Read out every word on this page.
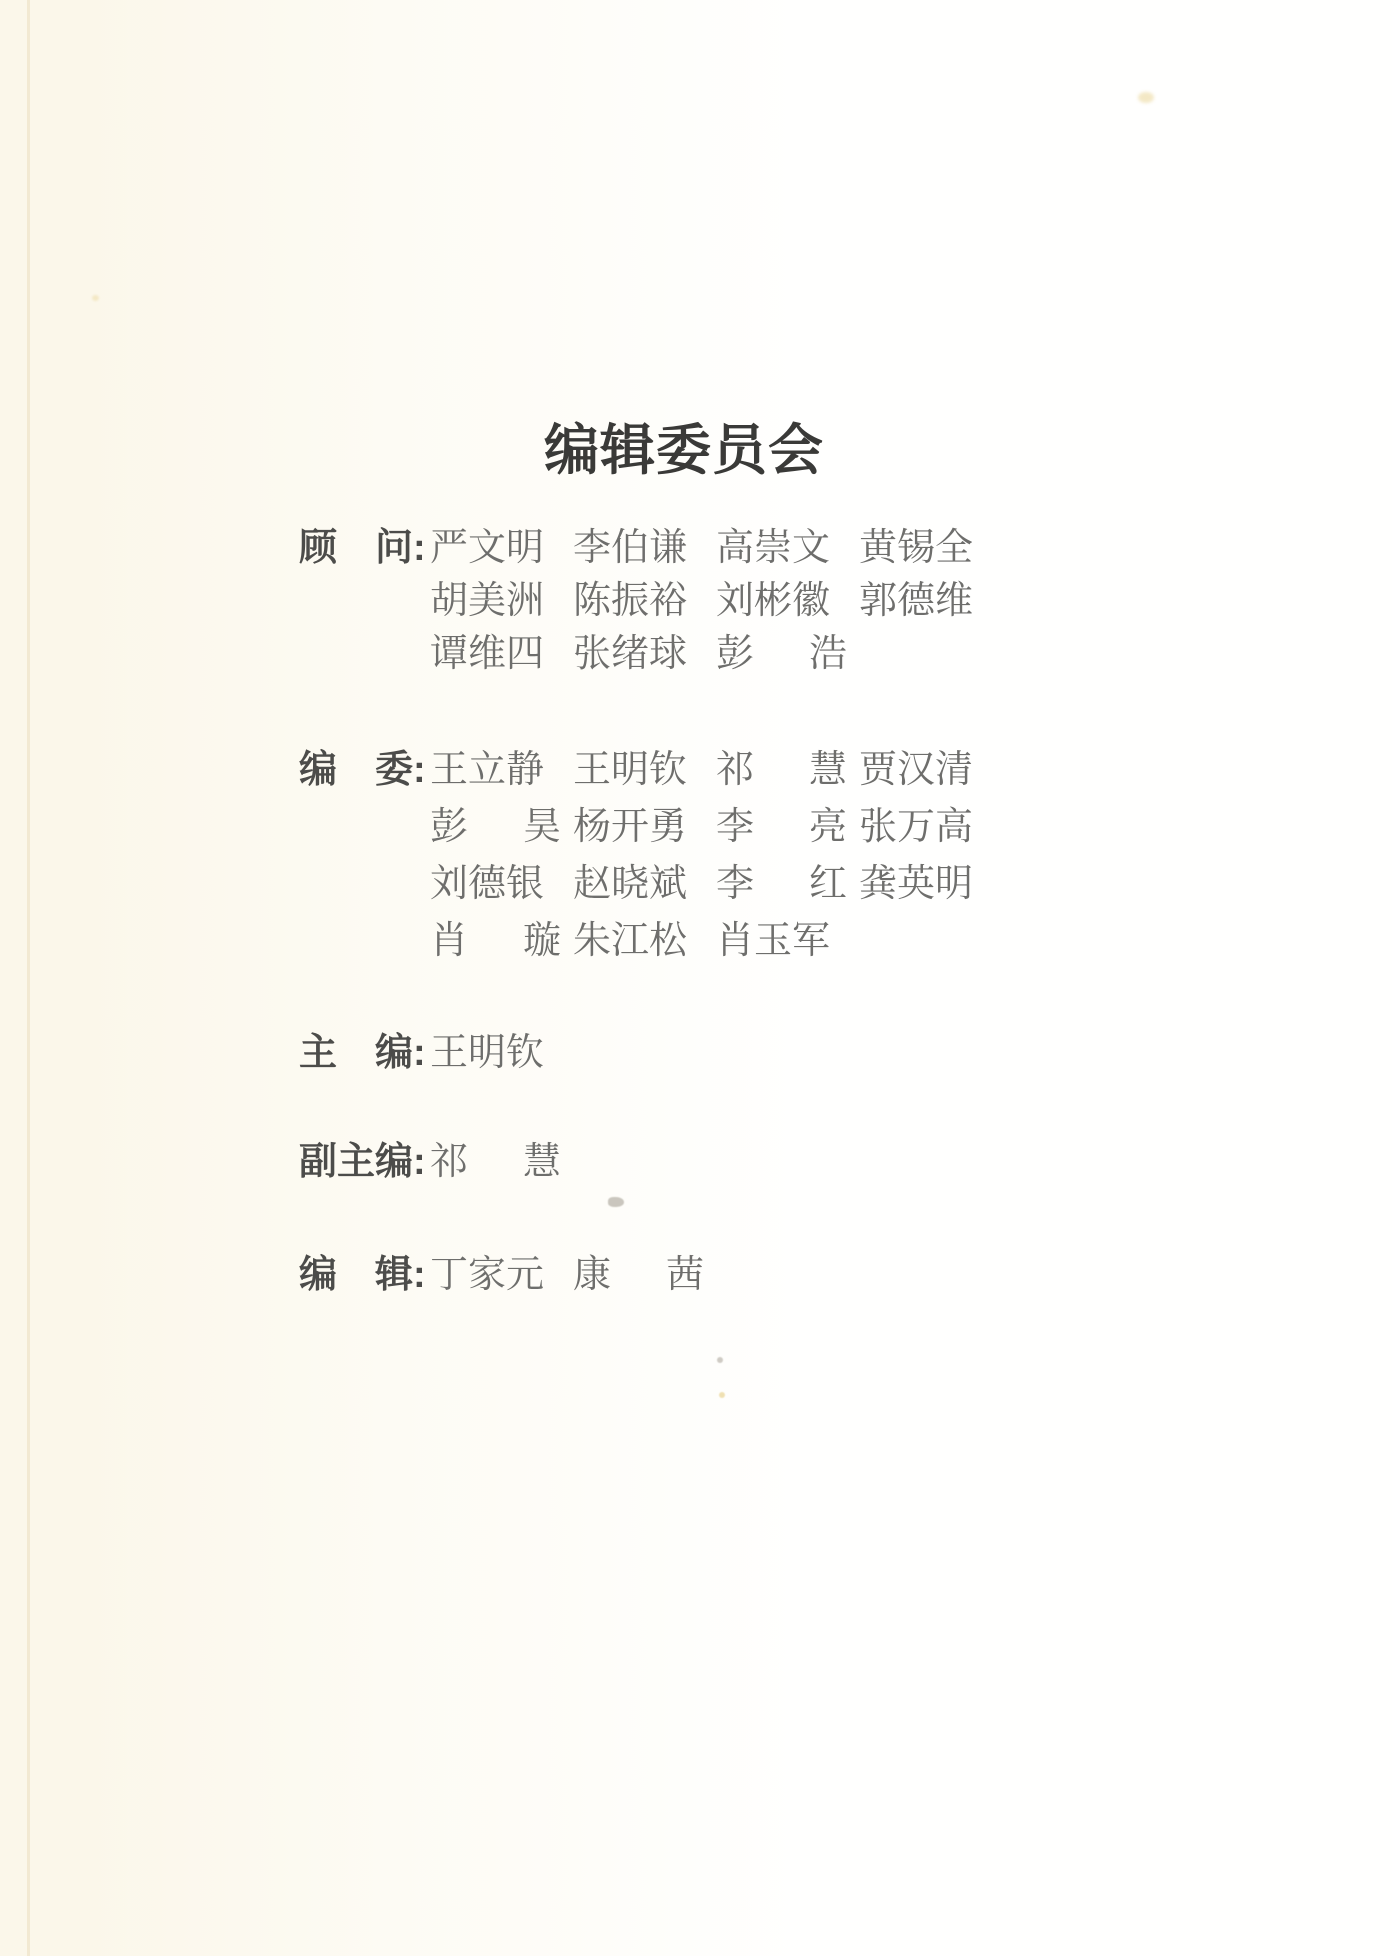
编辑委员会
顾　问: 严文明 李伯谦 高崇文 黄锡全
胡美洲 陈振裕 刘彬徽 郭德维
谭维四 张绪球 彭 浩
编　委: 王立静 王明钦 祁 慧 贾汉清
彭 昊 杨开勇 李 亮 张万高
刘德银 赵晓斌 李 红 龚英明
肖 璇 朱江松 肖玉军
主　编: 王明钦
副主编: 祁 慧
编　辑: 丁家元 康 茜
